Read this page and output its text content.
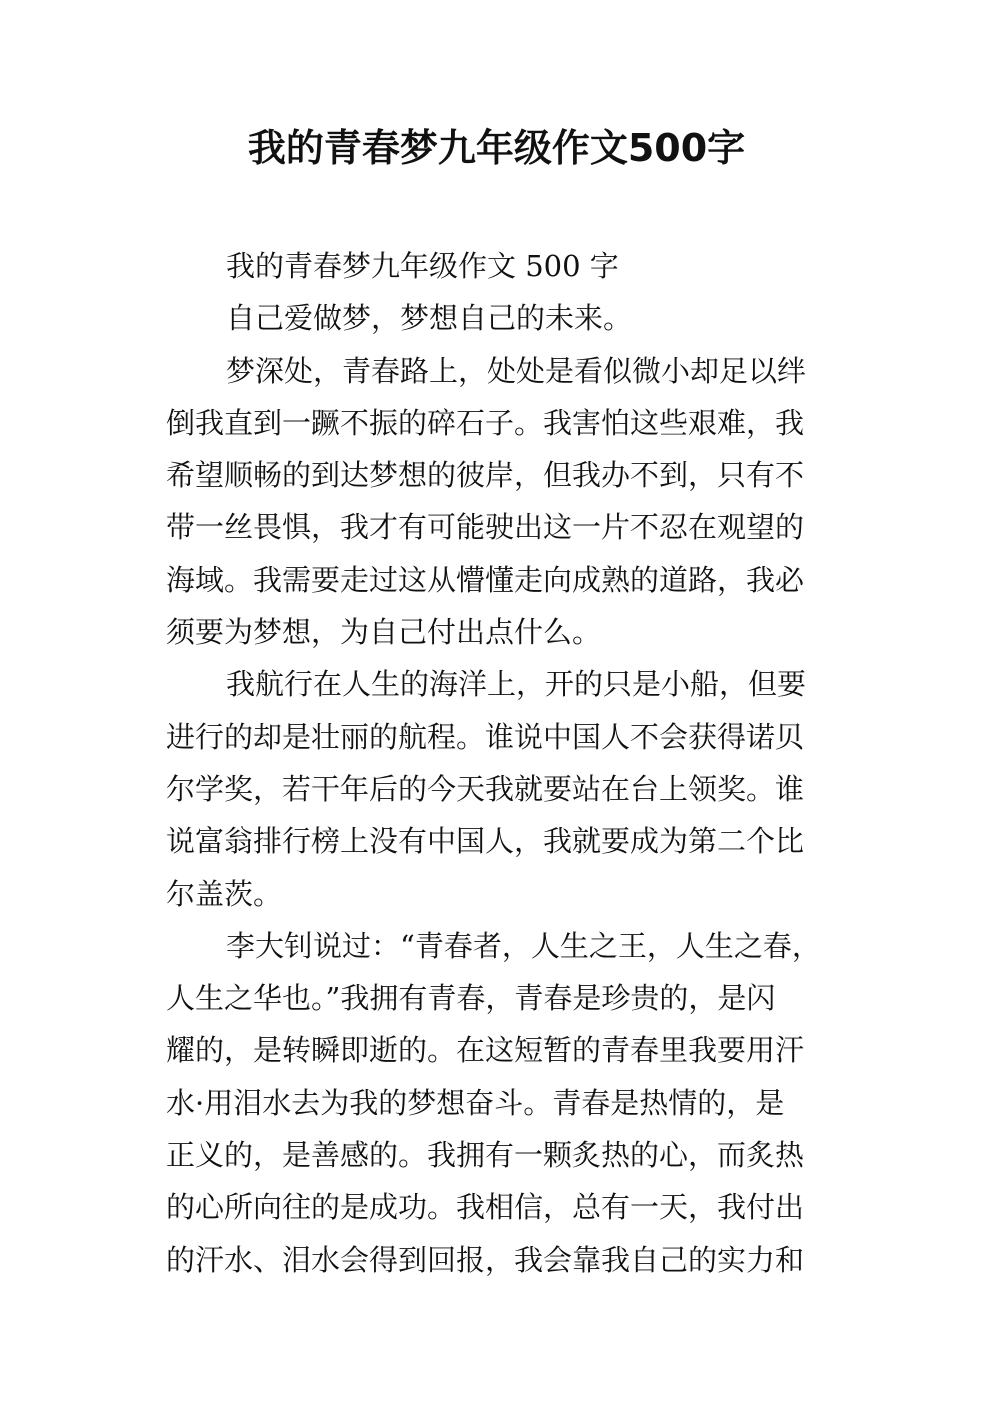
我的青春梦九年级作文500字
我的青春梦九年级作文 500 字
自己爱做梦，梦想自己的未来。
梦深处，青春路上，处处是看似微小却足以绊
倒我直到一蹶不振的碎石子。我害怕这些艰难，我
希望顺畅的到达梦想的彼岸，但我办不到，只有不
带一丝畏惧，我才有可能驶出这一片不忍在观望的
海域。我需要走过这从懵懂走向成熟的道路，我必
须要为梦想，为自己付出点什么。
我航行在人生的海洋上，开的只是小船，但要
进行的却是壮丽的航程。谁说中国人不会获得诺贝
尔学奖，若干年后的今天我就要站在台上领奖。谁
说富翁排行榜上没有中国人，我就要成为第二个比
尔盖茨。
李大钊说过：“青春者，人生之王，人生之春，
人生之华也。”我拥有青春，青春是珍贵的，是闪
耀的，是转瞬即逝的。在这短暂的青春里我要用汗
水·用泪水去为我的梦想奋斗。青春是热情的，是
正义的，是善感的。我拥有一颗炙热的心，而炙热
的心所向往的是成功。我相信，总有一天，我付出
的汗水、泪水会得到回报，我会靠我自己的实力和
